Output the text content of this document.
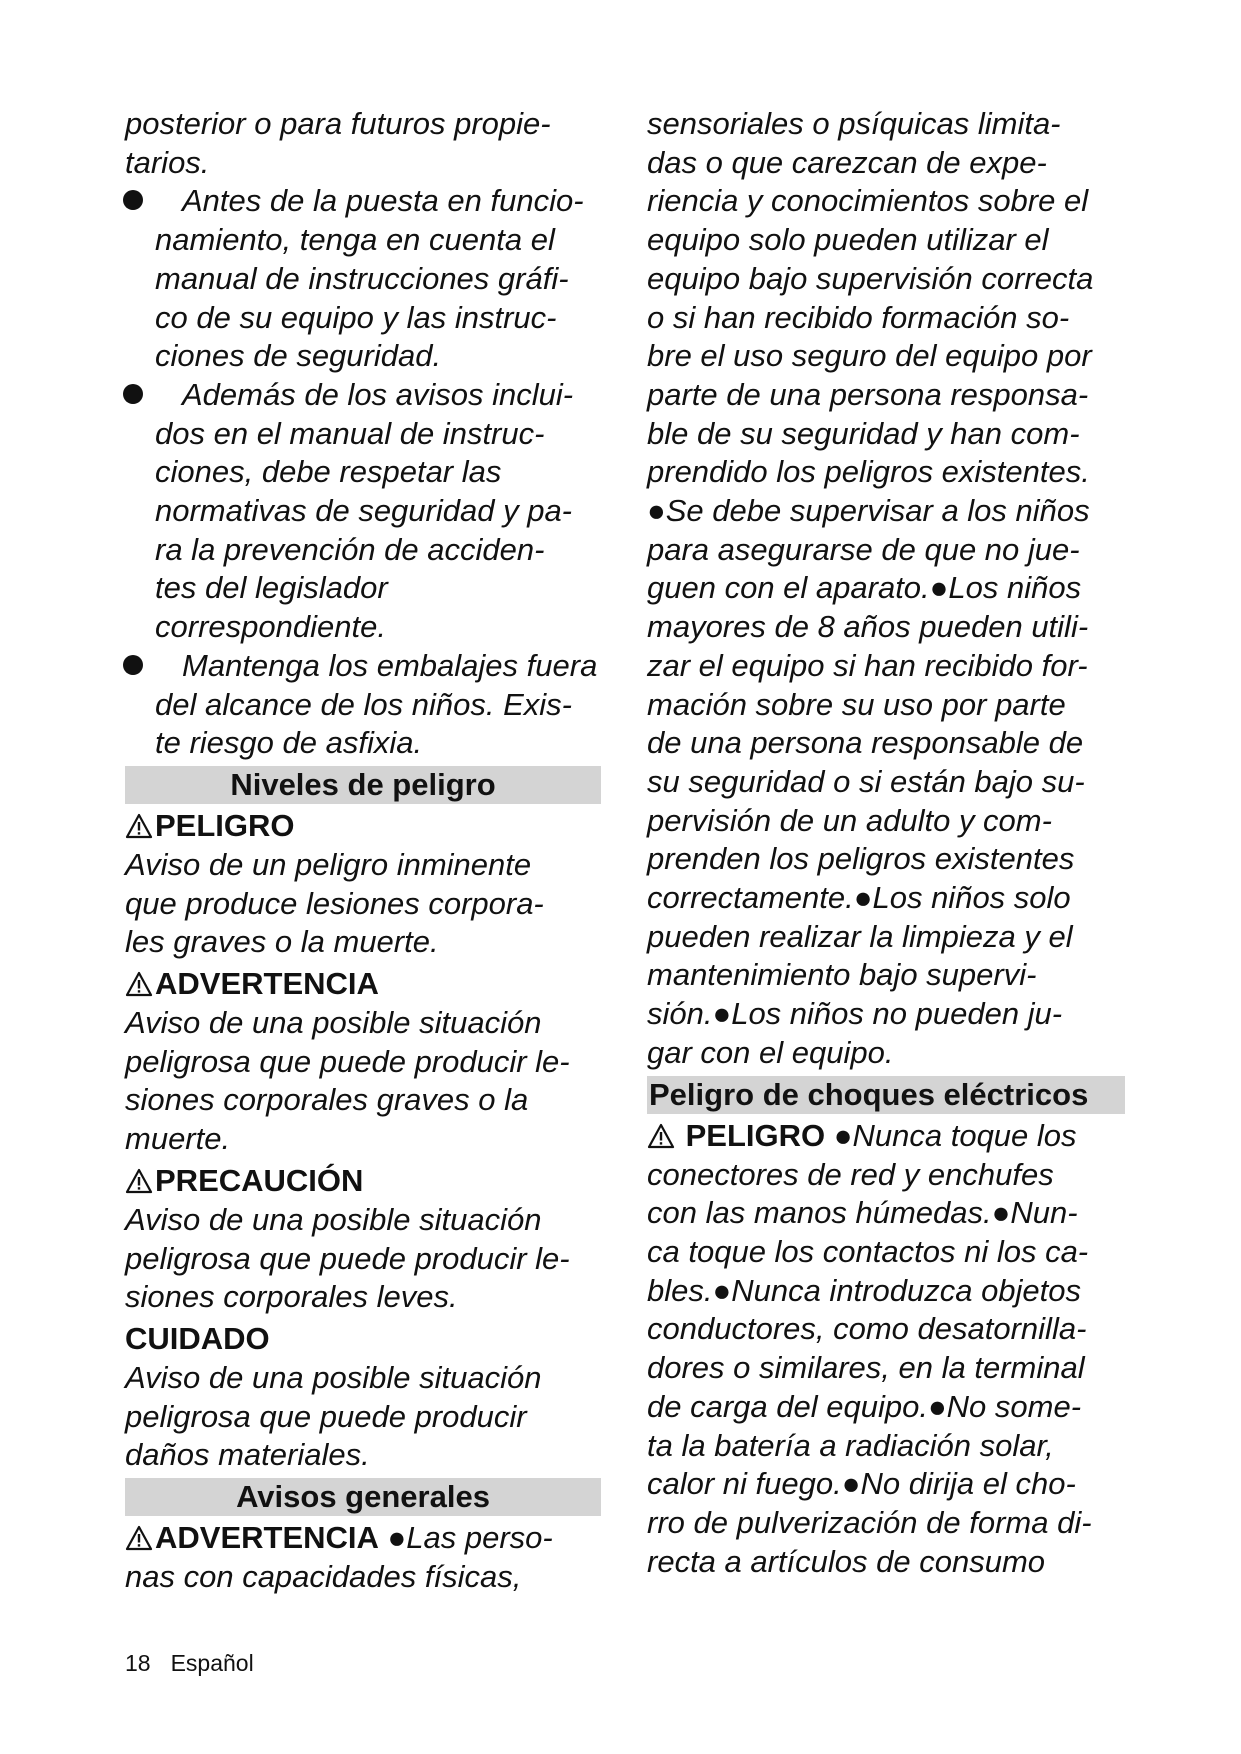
posterior o para futuros propie-
tarios.
Antes de la puesta en funcio-
namiento, tenga en cuenta el
manual de instrucciones gráfi-
co de su equipo y las instruc-
ciones de seguridad.
Además de los avisos inclui-
dos en el manual de instruc-
ciones, debe respetar las
normativas de seguridad y pa-
ra la prevención de acciden-
tes del legislador
correspondiente.
Mantenga los embalajes fuera
del alcance de los niños. Exis-
te riesgo de asfixia.
Niveles de peligro
PELIGRO
Aviso de un peligro inminente
que produce lesiones corpora-
les graves o la muerte.
ADVERTENCIA
Aviso de una posible situación
peligrosa que puede producir le-
siones corporales graves o la
muerte.
PRECAUCIÓN
Aviso de una posible situación
peligrosa que puede producir le-
siones corporales leves.
CUIDADO
Aviso de una posible situación
peligrosa que puede producir
daños materiales.
Avisos generales
ADVERTENCIA ●Las perso-
nas con capacidades físicas,
sensoriales o psíquicas limita-
das o que carezcan de expe-
riencia y conocimientos sobre el
equipo solo pueden utilizar el
equipo bajo supervisión correcta
o si han recibido formación so-
bre el uso seguro del equipo por
parte de una persona responsa-
ble de su seguridad y han com-
prendido los peligros existentes.
●Se debe supervisar a los niños
para asegurarse de que no jue-
guen con el aparato.●Los niños
mayores de 8 años pueden utili-
zar el equipo si han recibido for-
mación sobre su uso por parte
de una persona responsable de
su seguridad o si están bajo su-
pervisión de un adulto y com-
prenden los peligros existentes
correctamente.●Los niños solo
pueden realizar la limpieza y el
mantenimiento bajo supervi-
sión.●Los niños no pueden ju-
gar con el equipo.
Peligro de choques eléctricos
PELIGRO ●Nunca toque los
conectores de red y enchufes
con las manos húmedas.●Nun-
ca toque los contactos ni los ca-
bles.●Nunca introduzca objetos
conductores, como desatornilla-
dores o similares, en la terminal
de carga del equipo.●No some-
ta la batería a radiación solar,
calor ni fuego.●No dirija el cho-
rro de pulverización de forma di-
recta a artículos de consumo
18 Español
